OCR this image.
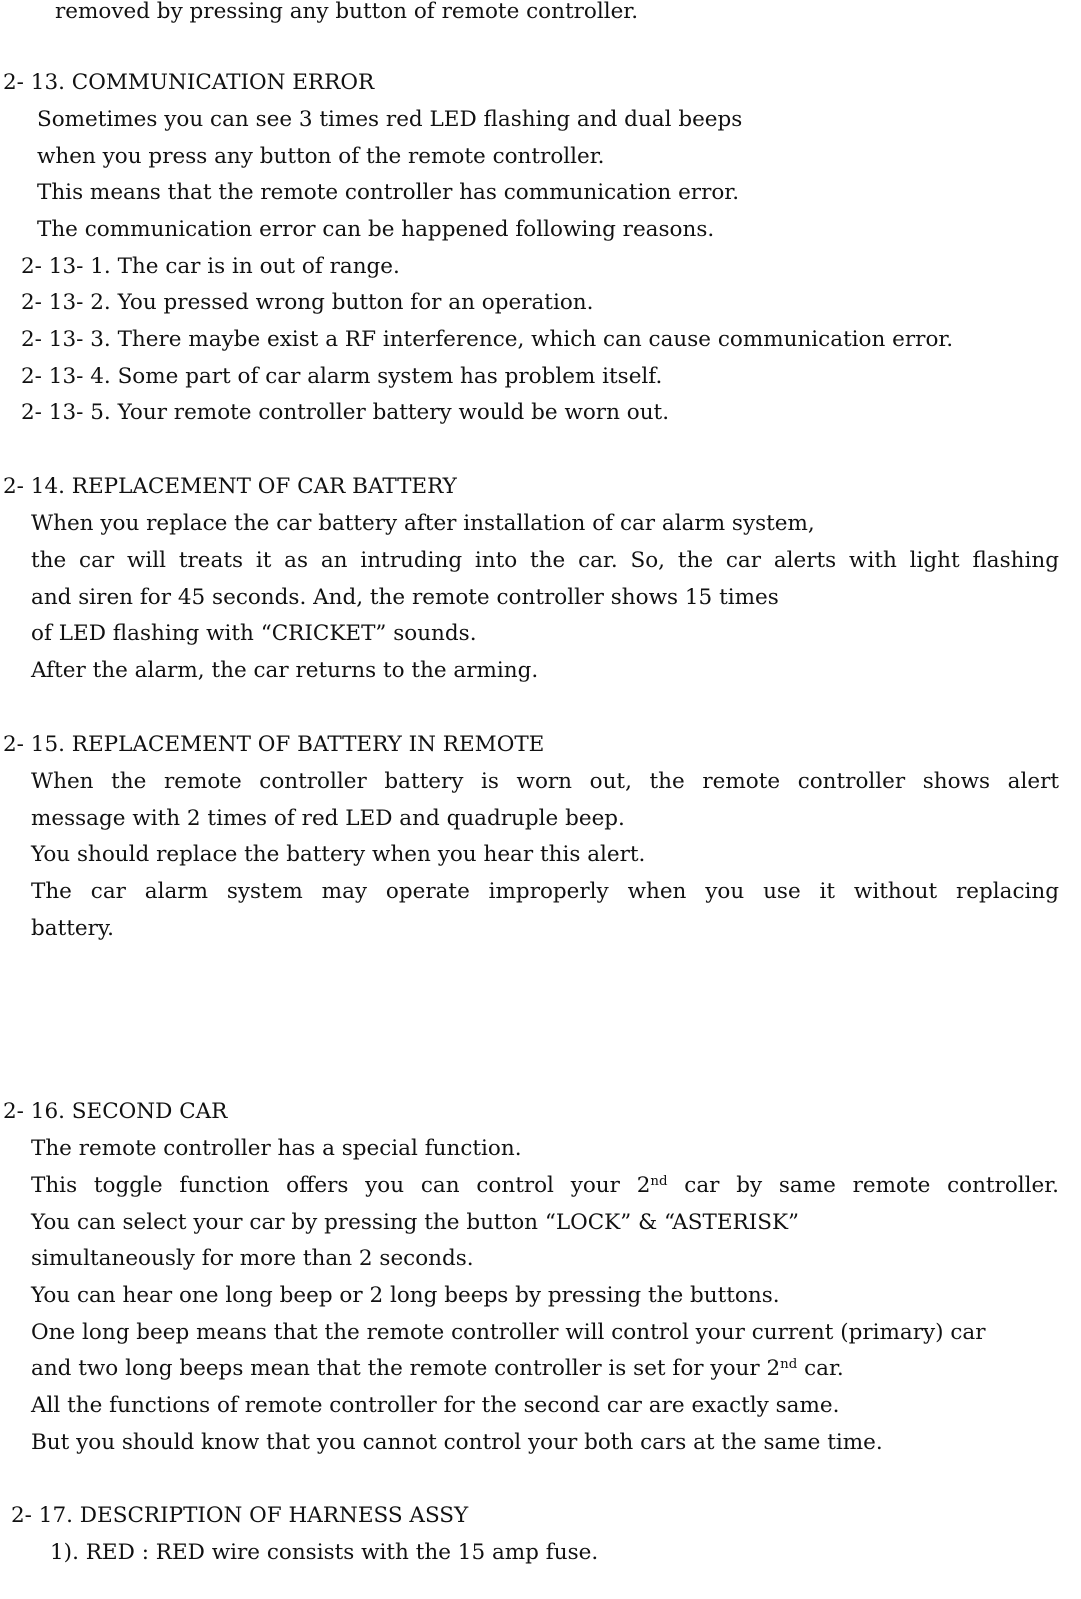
removed by pressing any button of remote controller.
2- 13. COMMUNICATION ERROR
Sometimes you can see 3 times red LED flashing and dual beeps
when you press any button of the remote controller.
This means that the remote controller has communication error.
The communication error can be happened following reasons.
2- 13- 1. The car is in out of range.
2- 13- 2. You pressed wrong button for an operation.
2- 13- 3. There maybe exist a RF interference, which can cause communication error.
2- 13- 4. Some part of car alarm system has problem itself.
2- 13- 5. Your remote controller battery would be worn out.
2- 14. REPLACEMENT OF CAR BATTERY
When you replace the car battery after installation of car alarm system,
the car will treats it as an intruding into the car. So, the car alerts with light flashing
and siren for 45 seconds. And, the remote controller shows 15 times
of LED flashing with “CRICKET” sounds.
After the alarm, the car returns to the arming.
2- 15. REPLACEMENT OF BATTERY IN REMOTE
When the remote controller battery is worn out, the remote controller shows alert
message with 2 times of red LED and quadruple beep.
You should replace the battery when you hear this alert.
The car alarm system may operate improperly when you use it without replacing
battery.
2- 16. SECOND CAR
The remote controller has a special function.
This toggle function offers you can control your 2nd car by same remote controller.
You can select your car by pressing the button “LOCK” & “ASTERISK”
simultaneously for more than 2 seconds.
You can hear one long beep or 2 long beeps by pressing the buttons.
One long beep means that the remote controller will control your current (primary) car
and two long beeps mean that the remote controller is set for your 2nd car.
All the functions of remote controller for the second car are exactly same.
But you should know that you cannot control your both cars at the same time.
2- 17. DESCRIPTION OF HARNESS ASSY
1). RED : RED wire consists with the 15 amp fuse.
